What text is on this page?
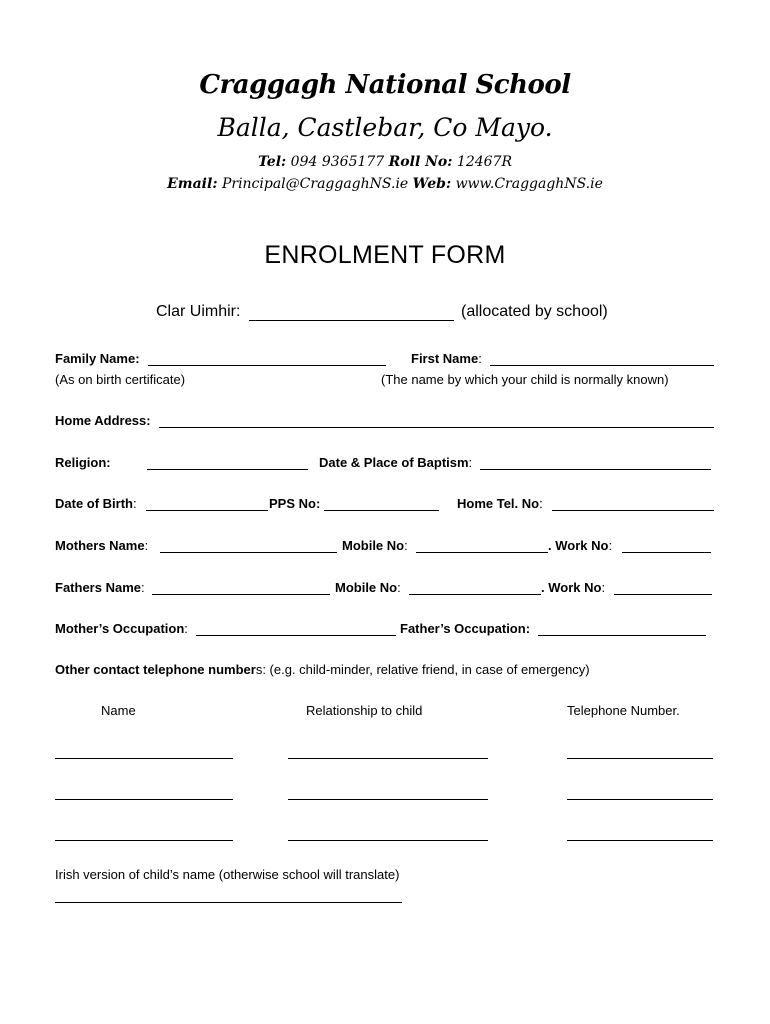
Craggagh National School
Balla, Castlebar, Co Mayo.
Tel: 094 9365177 Roll No: 12467R
Email: Principal@CraggaghNS.ie Web: www.CraggaghNS.ie
ENROLMENT FORM
Clar Uimhir:	(allocated by school)
Family Name:	First Name:
(As on birth certificate)	(The name by which your child is normally known)
Home Address:
Religion:	Date & Place of Baptism:
Date of Birth:	PPS No:	Home Tel. No:
Mothers Name:	Mobile No:	. Work No:
Fathers Name:	Mobile No:	. Work No:
Mother’s Occupation:	Father’s Occupation:
Other contact telephone numbers: (e.g. child-minder, relative friend, in case of emergency)
Name	Relationship to child	Telephone Number.
Irish version of child’s name (otherwise school will translate)
